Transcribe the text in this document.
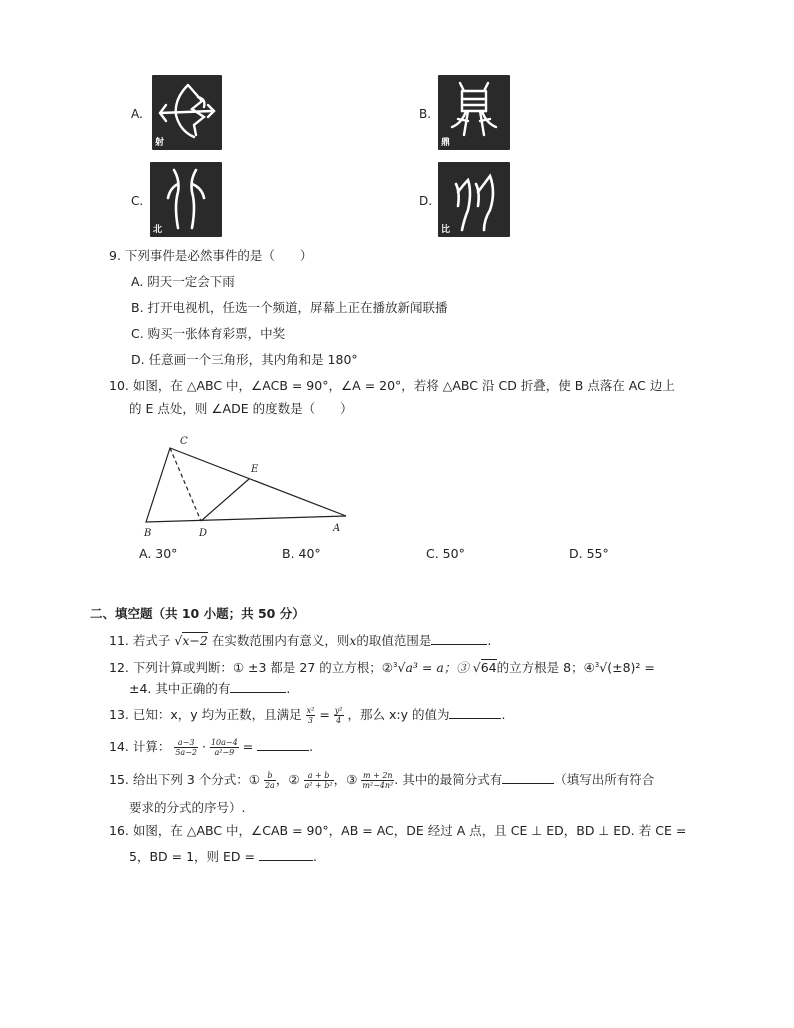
A.
射
B.
鼎
C.
北
D.
比
9. 下列事件是必然事件的是（　　）
A. 阴天一定会下雨
B. 打开电视机，任选一个频道，屏幕上正在播放新闻联播
C. 购买一张体育彩票，中奖
D. 任意画一个三角形，其内角和是 180°
10. 如图，在 △ABC 中，∠ACB = 90°，∠A = 20°，若将 △ABC 沿 CD 折叠，使 B 点落在 AC 边上
的 E 点处，则 ∠ADE 的度数是（　　）
C
E
B	D	A
A. 30°	B. 40°	C. 50°	D. 55°
二、填空题（共 10 小题；共 50 分）
11. 若式子 √x−2 在实数范围内有意义，则x的取值范围是	.
12. 下列计算或判断：① ±3 都是 27 的立方根；②$^3$√a³ = a；③ √64的立方根是 8；④$^3$√(±8)² =
±4. 其中正确的有	.
13. 已知：x，y 均为正数，且满足 $\frac{\text{x²}}{3} = \frac{\text{y²}}{4}$ ，那么 x:y 的值为	.
14. 计算： $\frac{a-3}{5a-2} \cdot \frac{10a-4}{\text{a²−9}}$ =	.
15. 给出下列 3 个分式：① $\frac{b}{2a}$ ，② $\frac{a + b}{\text{a² + b²}}$ ，③ $\frac{m + 2n}{\text{m²−4n²}}$ . 其中的最简分式有	（填写出所有符合
要求的分式的序号）.
16. 如图，在 △ABC 中，∠CAB = 90°，AB = AC，DE 经过 A 点，且 CE ⊥ ED，BD ⊥ ED. 若 CE =
5，BD = 1，则 ED =	.
